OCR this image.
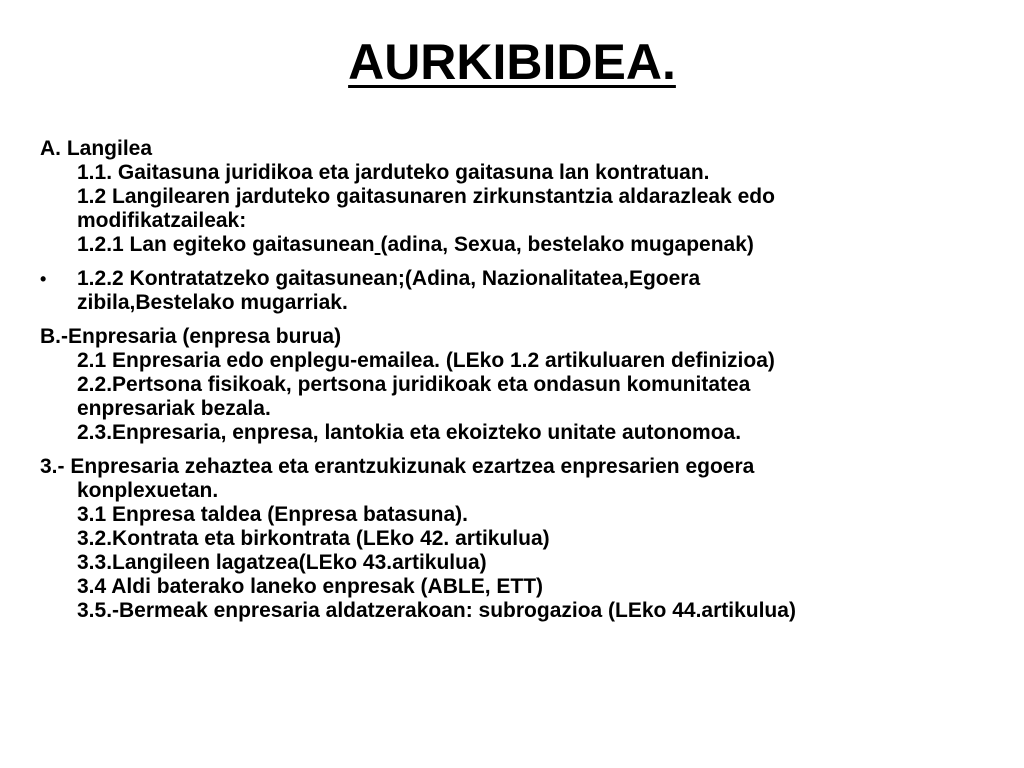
AURKIBIDEA.
A. Langilea
1.1. Gaitasuna juridikoa eta jarduteko gaitasuna lan kontratuan.
1.2 Langilearen jarduteko gaitasunaren zirkunstantzia aldarazleak edo
modifikatzaileak:
1.2.1 Lan egiteko gaitasunean (adina, Sexua, bestelako mugapenak)
• 1.2.2 Kontratatzeko gaitasunean;(Adina, Nazionalitatea,Egoera
zibila,Bestelako mugarriak.
B.-Enpresaria (enpresa burua)
2.1 Enpresaria edo enplegu-emailea. (LEko 1.2 artikuluaren definizioa)
2.2.Pertsona fisikoak, pertsona juridikoak eta ondasun komunitatea
enpresariak bezala.
2.3.Enpresaria, enpresa, lantokia eta ekoizteko unitate autonomoa.
3.- Enpresaria zehaztea eta erantzukizunak ezartzea enpresarien egoera
konplexuetan.
3.1 Enpresa taldea (Enpresa batasuna).
3.2.Kontrata eta birkontrata (LEko 42. artikulua)
3.3.Langileen lagatzea(LEko 43.artikulua)
3.4 Aldi baterako laneko enpresak (ABLE, ETT)
3.5.-Bermeak enpresaria aldatzerakoan: subrogazioa (LEko 44.artikulua)
